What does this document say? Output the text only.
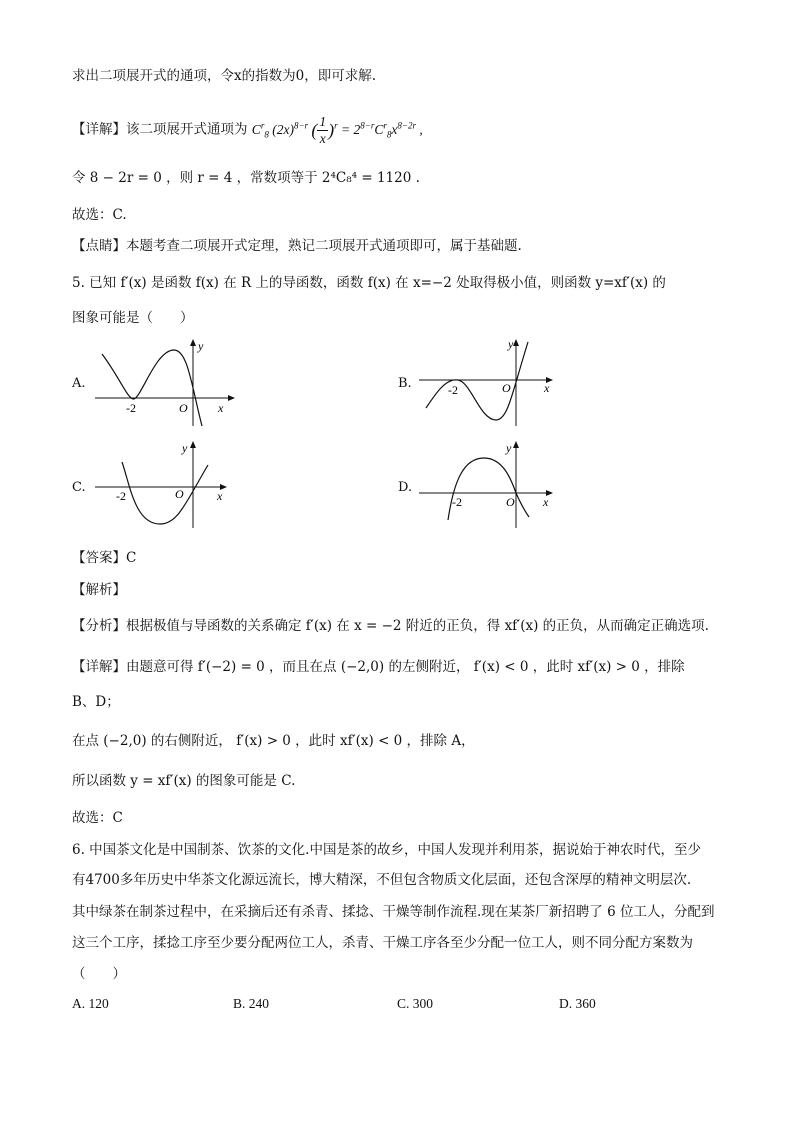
求出二项展开式的通项，令x的指数为0，即可求解.
【详解】该二项展开式通项为 $C^r_8$ $(2x)^{8-r}$ ( $\frac{1}{x} )^r = 2^{8-r}C^r_8x^{8-2r}$ ,
令 8 − 2r = 0 ，则 r = 4 ，常数项等于 2⁴C₈⁴ = 1120 .
故选：C.
【点睛】本题考查二项展开式定理，熟记二项展开式通项即可，属于基础题.
5. 已知 f′(x) 是函数 f(x) 在 R 上的导函数，函数 f(x) 在 x=−2 处取得极小值，则函数 y=xf′(x) 的
图象可能是（　　）
A.
y
x
O
-2
B.
y
x
O
-2
C.
y
x
O
-2
D.
y
x
O
-2
【答案】C
【解析】
【分析】根据极值与导函数的关系确定 f′(x) 在 x = −2 附近的正负，得 xf′(x) 的正负，从而确定正确选项.
【详解】由题意可得 f′(−2) = 0 ，而且在点 (−2,0) 的左侧附近， f′(x) < 0 ，此时 xf′(x) > 0 ，排除
B、D；
在点 (−2,0) 的右侧附近， f′(x) > 0 ，此时 xf′(x) < 0 ，排除 A，
所以函数 y = xf′(x) 的图象可能是 C.
故选：C
6. 中国茶文化是中国制茶、饮茶的文化.中国是茶的故乡，中国人发现并利用茶，据说始于神农时代，至少
有4700多年历史中华茶文化源远流长，博大精深，不但包含物质文化层面，还包含深厚的精神文明层次.
其中绿茶在制茶过程中，在采摘后还有杀青、揉捻、干燥等制作流程.现在某茶厂新招聘了 6 位工人，分配到
这三个工序，揉捻工序至少要分配两位工人，杀青、干燥工序各至少分配一位工人，则不同分配方案数为
（　　）
A. 120	B. 240	C. 300	D. 360
